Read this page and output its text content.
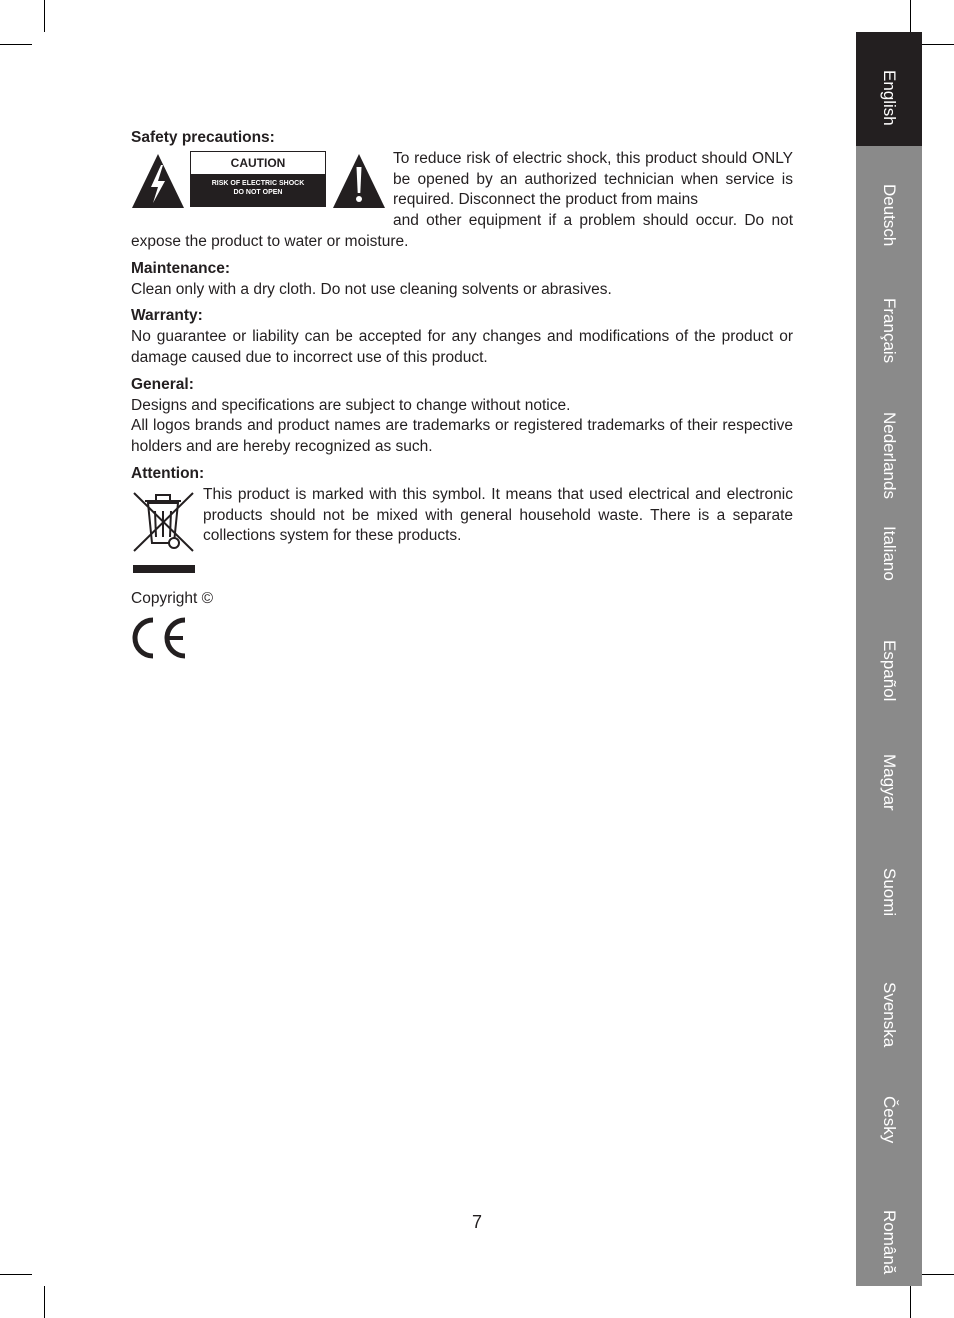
Safety precautions:
CAUTION
RISK OF ELECTRIC SHOCK
DO NOT OPEN
To reduce risk of electric shock, this product should ONLY be opened by an authorized technician when service is required. Disconnect the product from mains
and other equipment if a problem should occur. Do not expose the product to water or moisture.
Maintenance:
Clean only with a dry cloth. Do not use cleaning solvents or abrasives.
Warranty:
No guarantee or liability can be accepted for any changes and modifications of the product or damage caused due to incorrect use of this product.
General:
Designs and specifications are subject to change without notice.
All logos brands and product names are trademarks or registered trademarks of their respective holders and are hereby recognized as such.
Attention:
This product is marked with this symbol. It means that used electrical and electronic products should not be mixed with general household waste. There is a separate collections system for these products.
Copyright ©
7
English
Deutsch
Français
Nederlands
Italiano
Español
Magyar
Suomi
Svenska
Česky
Română
